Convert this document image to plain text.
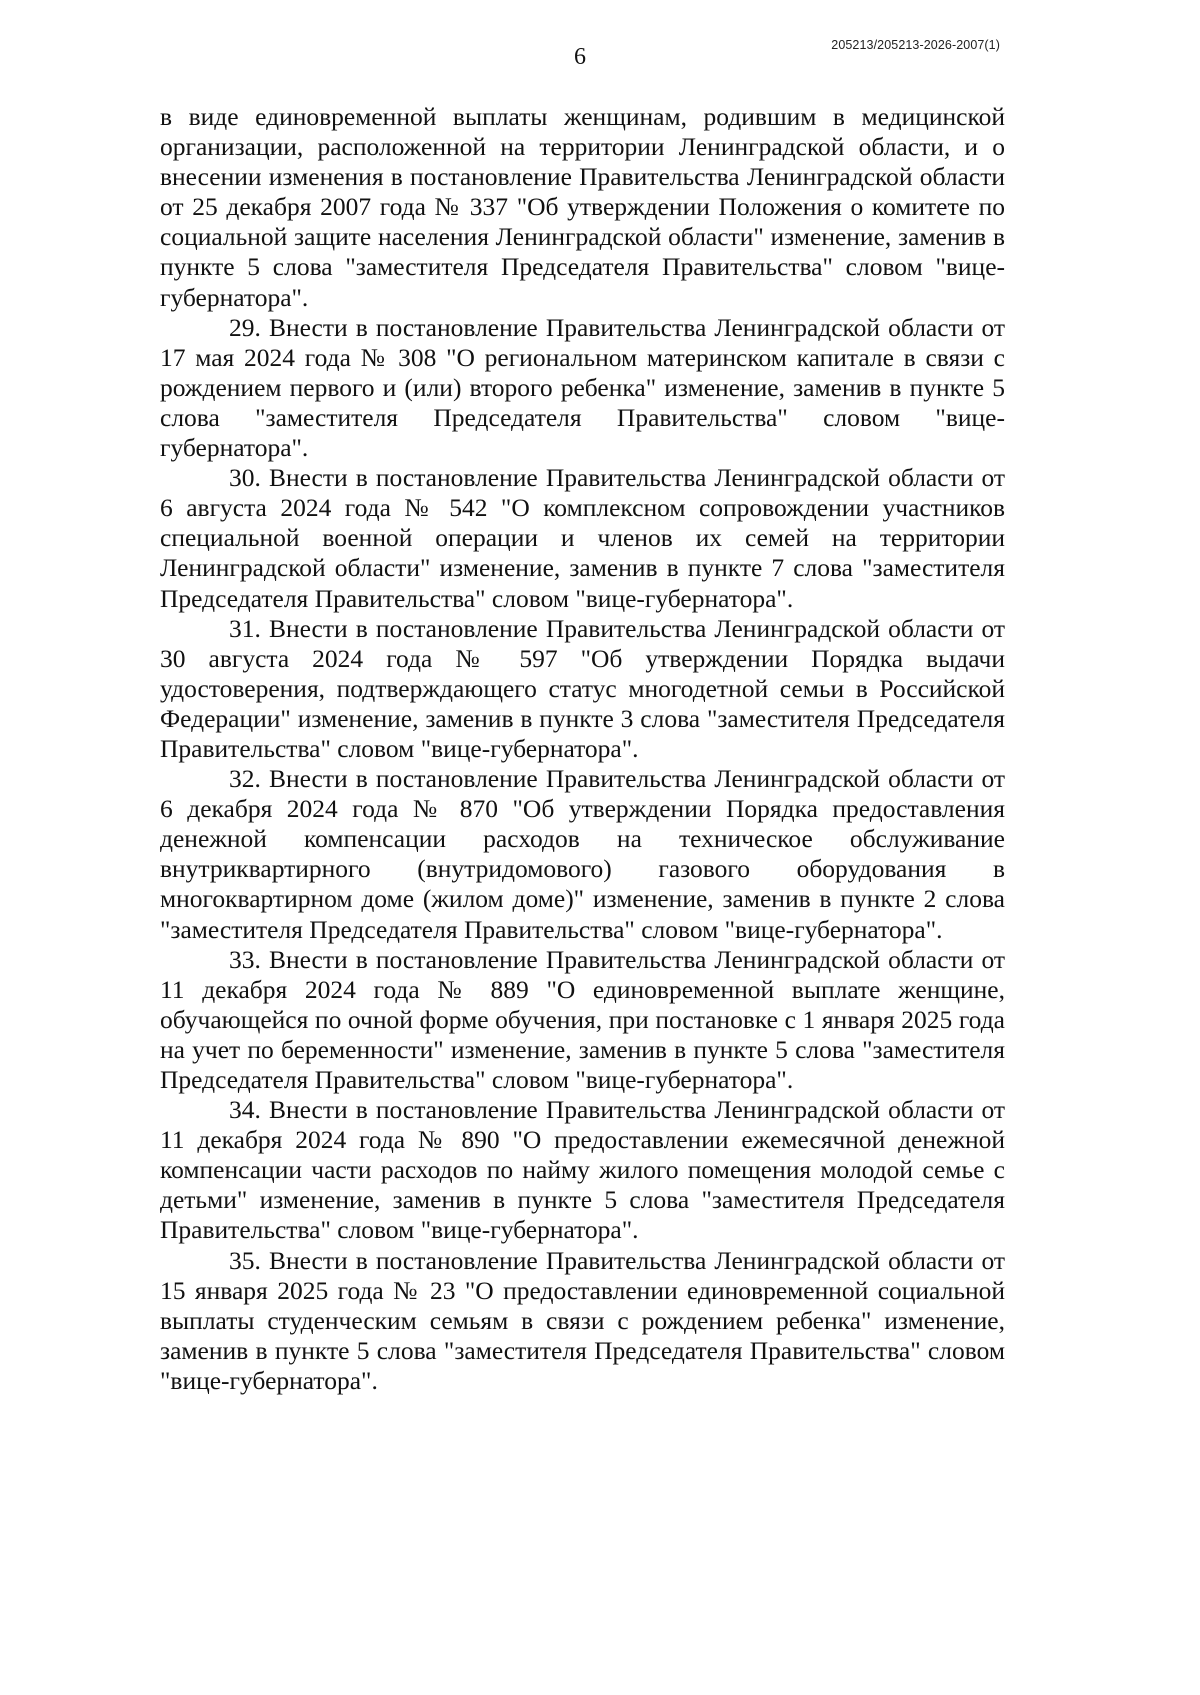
205213/205213-2026-2007(1)
6

в виде единовременной выплаты женщинам, родившим в медицинской организации, расположенной на территории Ленинградской области, и о внесении изменения в постановление Правительства Ленинградской области от 25 декабря 2007 года № 337 "Об утверждении Положения о комитете по социальной защите населения Ленинградской области" изменение, заменив в пункте 5 слова "заместителя Председателя Правительства" словом "вице-губернатора".

29. Внести в постановление Правительства Ленинградской области от 17 мая 2024 года № 308 "О региональном материнском капитале в связи с рождением первого и (или) второго ребенка" изменение, заменив в пункте 5 слова "заместителя Председателя Правительства" словом "вице-губернатора".

30. Внести в постановление Правительства Ленинградской области от 6 августа 2024 года № 542 "О комплексном сопровождении участников специальной военной операции и членов их семей на территории Ленинградской области" изменение, заменив в пункте 7 слова "заместителя Председателя Правительства" словом "вице-губернатора".

31. Внести в постановление Правительства Ленинградской области от 30 августа 2024 года № 597 "Об утверждении Порядка выдачи удостоверения, подтверждающего статус многодетной семьи в Российской Федерации" изменение, заменив в пункте 3 слова "заместителя Председателя Правительства" словом "вице-губернатора".

32. Внести в постановление Правительства Ленинградской области от 6 декабря 2024 года № 870 "Об утверждении Порядка предоставления денежной компенсации расходов на техническое обслуживание внутриквартирного (внутридомового) газового оборудования в многоквартирном доме (жилом доме)" изменение, заменив в пункте 2 слова "заместителя Председателя Правительства" словом "вице-губернатора".

33. Внести в постановление Правительства Ленинградской области от 11 декабря 2024 года № 889 "О единовременной выплате женщине, обучающейся по очной форме обучения, при постановке с 1 января 2025 года на учет по беременности" изменение, заменив в пункте 5 слова "заместителя Председателя Правительства" словом "вице-губернатора".

34. Внести в постановление Правительства Ленинградской области от 11 декабря 2024 года № 890 "О предоставлении ежемесячной денежной компенсации части расходов по найму жилого помещения молодой семье с детьми" изменение, заменив в пункте 5 слова "заместителя Председателя Правительства" словом "вице-губернатора".

35. Внести в постановление Правительства Ленинградской области от 15 января 2025 года № 23 "О предоставлении единовременной социальной выплаты студенческим семьям в связи с рождением ребенка" изменение, заменив в пункте 5 слова "заместителя Председателя Правительства" словом "вице-губернатора".
